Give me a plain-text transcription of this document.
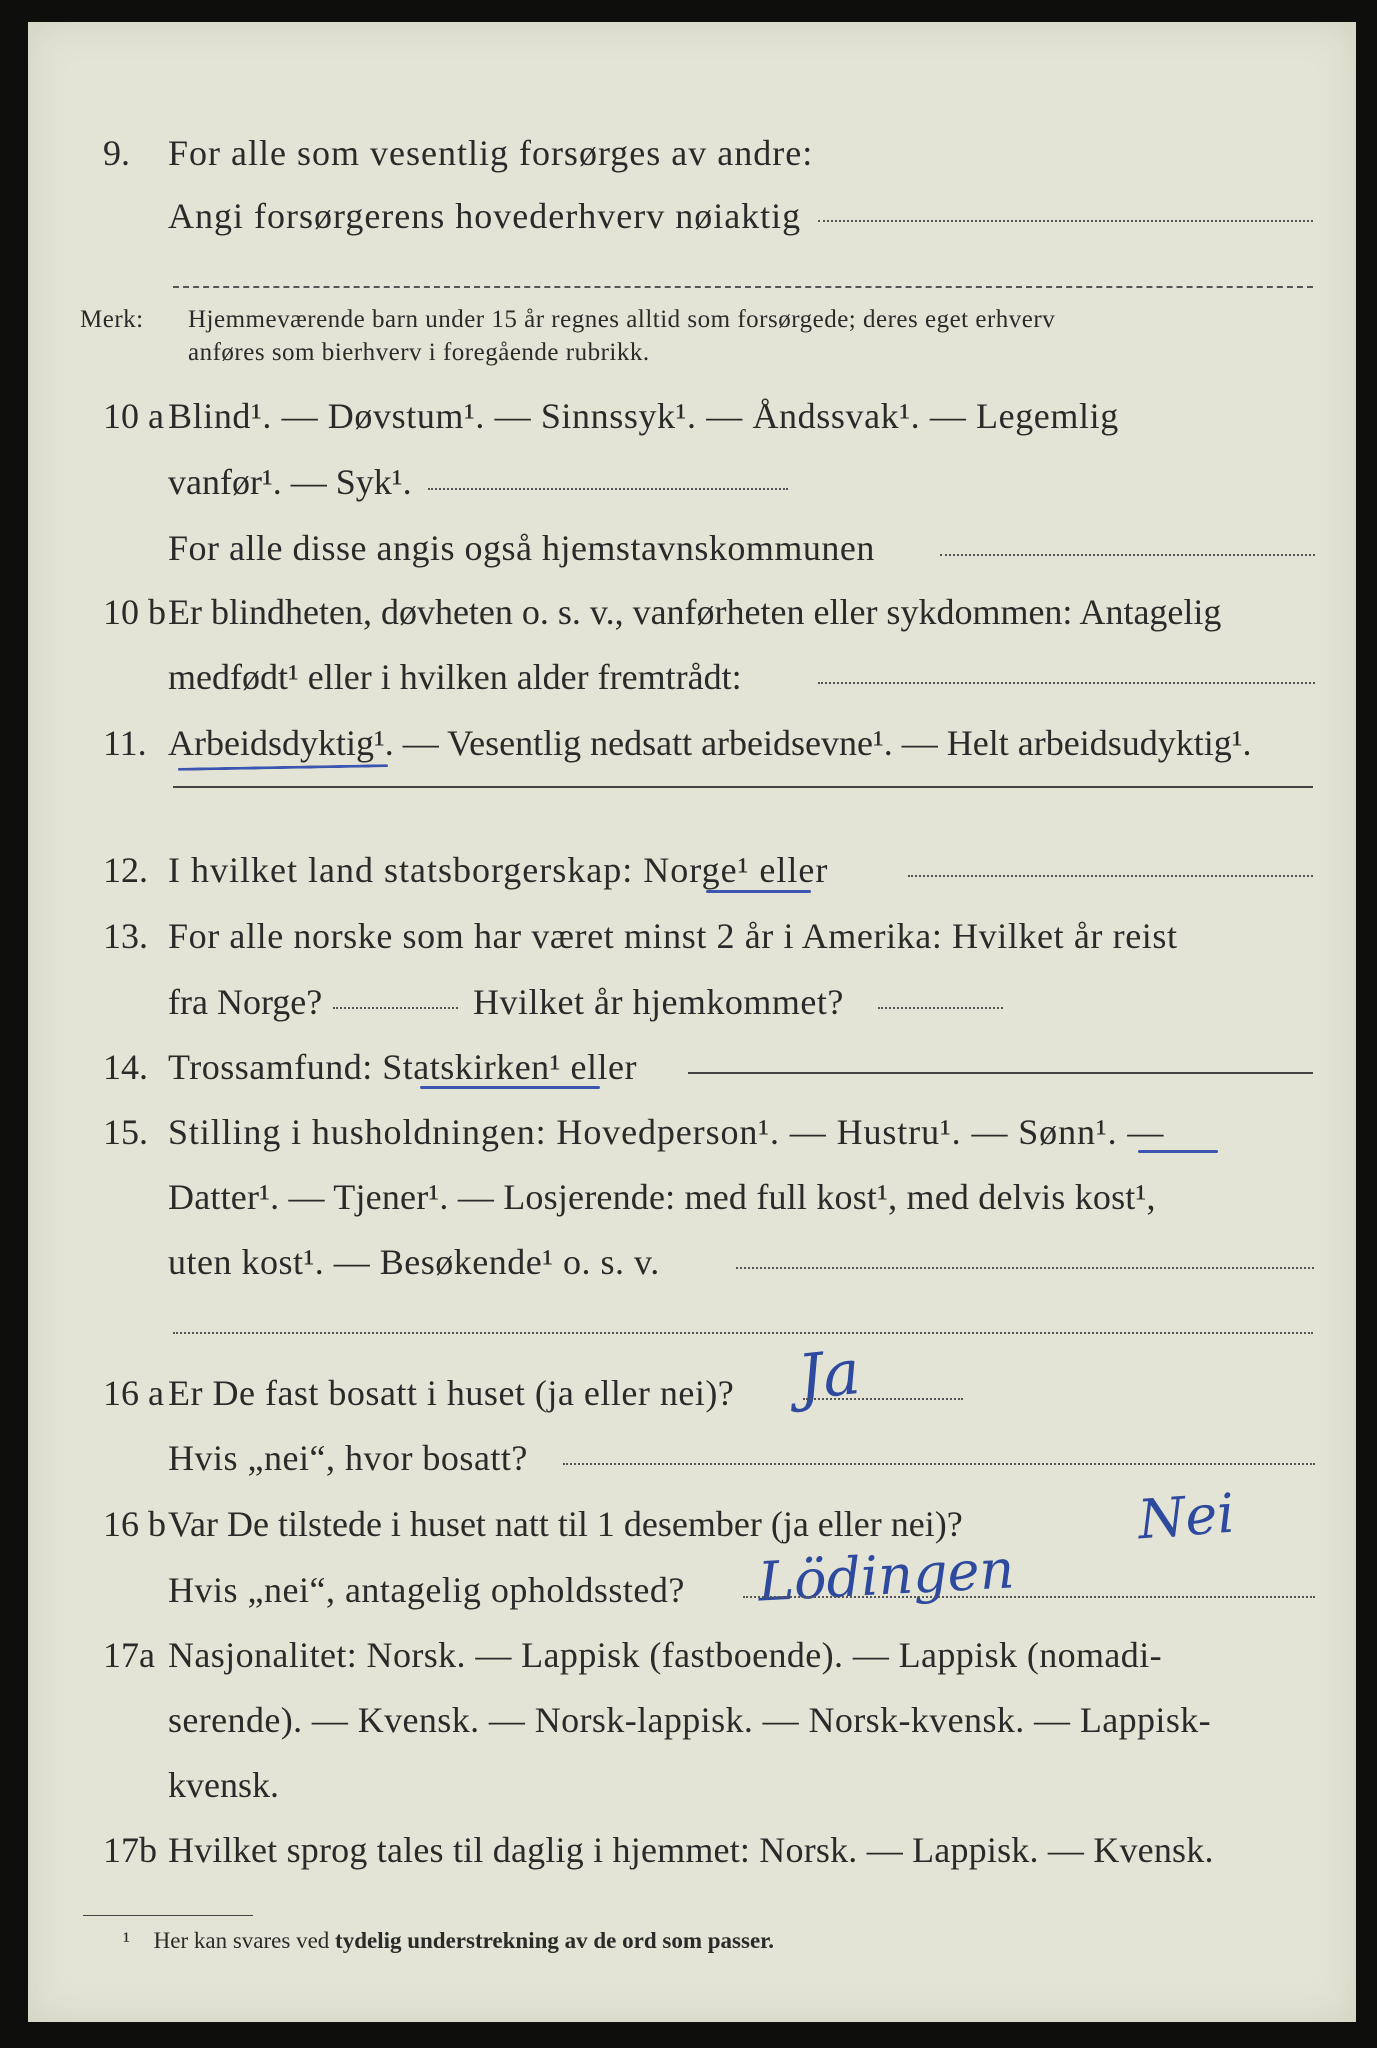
9. For alle som vesentlig forsørges av andre:
Angi forsørgerens hovederhverv nøiaktig
Merk: Hjemmeværende barn under 15 år regnes alltid som forsørgede; deres eget erhverv
anføres som bierhverv i foregående rubrikk.
10 a Blind¹. — Døvstum¹. — Sinnssyk¹. — Åndssvak¹. — Legemlig
vanfør¹. — Syk¹.
For alle disse angis også hjemstavnskommunen
10 b Er blindheten, døvheten o. s. v., vanførheten eller sykdommen: Antagelig
medfødt¹ eller i hvilken alder fremtrådt:
11. Arbeidsdyktig¹. — Vesentlig nedsatt arbeidsevne¹. — Helt arbeidsudyktig¹.
12. I hvilket land statsborgerskap: Norge¹ eller
13. For alle norske som har været minst 2 år i Amerika: Hvilket år reist
fra Norge?	Hvilket år hjemkommet?
14. Trossamfund: Statskirken¹ eller
15. Stilling i husholdningen: Hovedperson¹. — Hustru¹. — Sønn¹. —
Datter¹. — Tjener¹. — Losjerende: med full kost¹, med delvis kost¹,
uten kost¹. — Besøkende¹ o. s. v.
16 a Er De fast bosatt i huset (ja eller nei)? Ja
Hvis „nei“, hvor bosatt?
16 b Var De tilstede i huset natt til 1 desember (ja eller nei)?	Nei
Hvis „nei“, antagelig opholdssted? Lödingen
17a Nasjonalitet: Norsk. — Lappisk (fastboende). — Lappisk (nomadi-
serende). — Kvensk. — Norsk-lappisk. — Norsk-kvensk. — Lappisk-
kvensk.
17b Hvilket sprog tales til daglig i hjemmet: Norsk. — Lappisk. — Kvensk.
¹ Her kan svares ved tydelig understrekning av de ord som passer.
